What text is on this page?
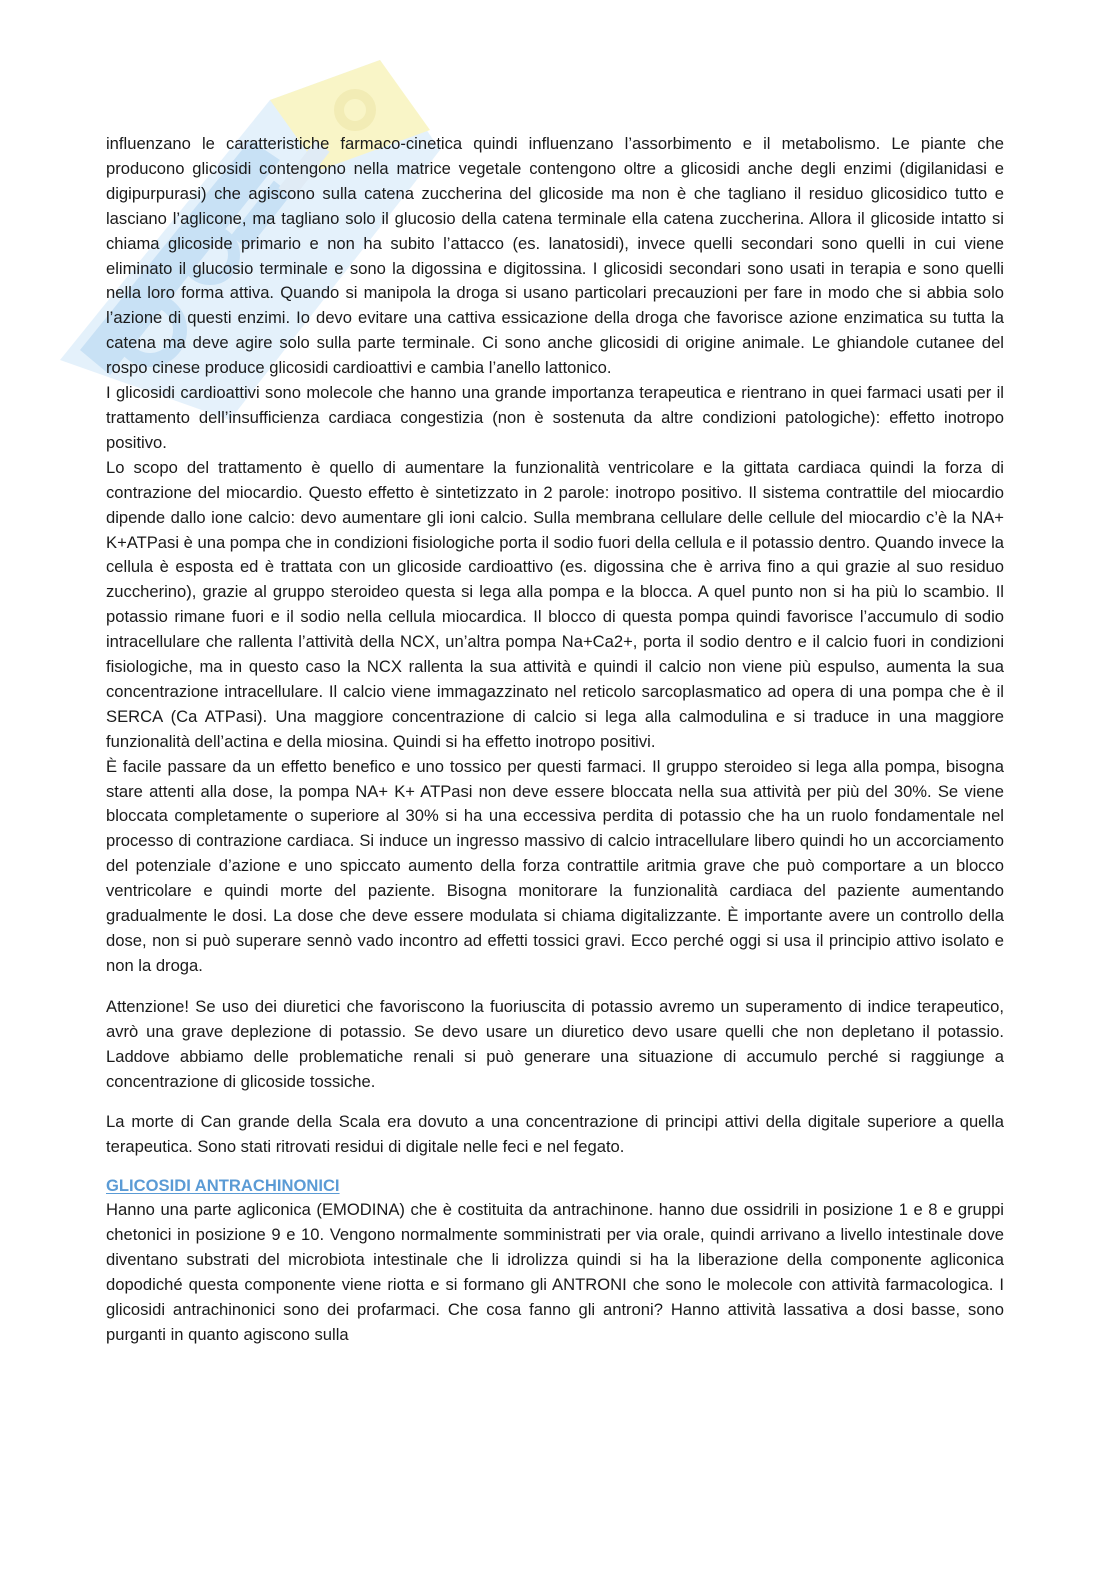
influenzano le caratteristiche farmaco-cinetica quindi influenzano l’assorbimento e il metabolismo. Le piante che producono glicosidi contengono nella matrice vegetale contengono oltre a glicosidi anche degli enzimi (digilanidasi e digipurpurasi) che agiscono sulla catena zuccherina del glicoside ma non è che tagliano il residuo glicosidico tutto e lasciano l’aglicone, ma tagliano solo il glucosio della catena terminale ella catena zuccherina. Allora il glicoside intatto si chiama glicoside primario e non ha subito l’attacco (es. lanatosidi), invece quelli secondari sono quelli in cui viene eliminato il glucosio terminale e sono la digossina e digitossina. I glicosidi secondari sono usati in terapia e sono quelli nella loro forma attiva. Quando si manipola la droga si usano particolari precauzioni per fare in modo che si abbia solo l’azione di questi enzimi. Io devo evitare una cattiva essicazione della droga che favorisce azione enzimatica su tutta la catena ma deve agire solo sulla parte terminale. Ci sono anche glicosidi di origine animale. Le ghiandole cutanee del rospo cinese produce glicosidi cardioattivi e cambia l’anello lattonico.

I glicosidi cardioattivi sono molecole che hanno una grande importanza terapeutica e rientrano in quei farmaci usati per il trattamento dell’insufficienza cardiaca congestizia (non è sostenuta da altre condizioni patologiche): effetto inotropo positivo.

Lo scopo del trattamento è quello di aumentare la funzionalità ventricolare e la gittata cardiaca quindi la forza di contrazione del miocardio. Questo effetto è sintetizzato in 2 parole: inotropo positivo. Il sistema contrattile del miocardio dipende dallo ione calcio: devo aumentare gli ioni calcio. Sulla membrana cellulare delle cellule del miocardio c’è la NA+ K+ATPasi è una pompa che in condizioni fisiologiche porta il sodio fuori della cellula e il potassio dentro. Quando invece la cellula è esposta ed è trattata con un glicoside cardioattivo (es. digossina che è arriva fino a qui grazie al suo residuo zuccherino), grazie al gruppo steroideo questa si lega alla pompa e la blocca. A quel punto non si ha più lo scambio. Il potassio rimane fuori e il sodio nella cellula miocardica. Il blocco di questa pompa quindi favorisce l’accumulo di sodio intracellulare che rallenta l’attività della NCX, un’altra pompa Na+Ca2+, porta il sodio dentro e il calcio fuori in condizioni fisiologiche, ma in questo caso la NCX rallenta la sua attività e quindi il calcio non viene più espulso, aumenta la sua concentrazione intracellulare. Il calcio viene immagazzinato nel reticolo sarcoplasmatico ad opera di una pompa che è il SERCA (Ca ATPasi). Una maggiore concentrazione di calcio si lega alla calmodulina e si traduce in una maggiore funzionalità dell’actina e della miosina. Quindi si ha effetto inotropo positivi.

È facile passare da un effetto benefico e uno tossico per questi farmaci. Il gruppo steroideo si lega alla pompa, bisogna stare attenti alla dose, la pompa NA+ K+ ATPasi non deve essere bloccata nella sua attività per più del 30%. Se viene bloccata completamente o superiore al 30% si ha una eccessiva perdita di potassio che ha un ruolo fondamentale nel processo di contrazione cardiaca. Si induce un ingresso massivo di calcio intracellulare libero quindi ho un accorciamento del potenziale d’azione e uno spiccato aumento della forza contrattile aritmia grave che può comportare a un blocco ventricolare e quindi morte del paziente. Bisogna monitorare la funzionalità cardiaca del paziente aumentando gradualmente le dosi. La dose che deve essere modulata si chiama digitalizzante. È importante avere un controllo della dose, non si può superare sennò vado incontro ad effetti tossici gravi. Ecco perché oggi si usa il principio attivo isolato e non la droga.

Attenzione! Se uso dei diuretici che favoriscono la fuoriuscita di potassio avremo un superamento di indice terapeutico, avrò una grave deplezione di potassio. Se devo usare un diuretico devo usare quelli che non depletano il potassio. Laddove abbiamo delle problematiche renali si può generare una situazione di accumulo perché si raggiunge a concentrazione di glicoside tossiche.

La morte di Can grande della Scala era dovuto a una concentrazione di principi attivi della digitale superiore a quella terapeutica. Sono stati ritrovati residui di digitale nelle feci e nel fegato.

GLICOSIDI ANTRACHINONICI

Hanno una parte agliconica (EMODINA) che è costituita da antrachinone. hanno due ossidrili in posizione 1 e 8 e gruppi chetonici in posizione 9 e 10. Vengono normalmente somministrati per via orale, quindi arrivano a livello intestinale dove diventano substrati del microbiota intestinale che li idrolizza quindi si ha la liberazione della componente agliconica dopodiché questa componente viene riotta e si formano gli ANTRONI che sono le molecole con attività farmacologica. I glicosidi antrachinonici sono dei profarmaci. Che cosa fanno gli antroni? Hanno attività lassativa a dosi basse, sono purganti in quanto agiscono sulla
